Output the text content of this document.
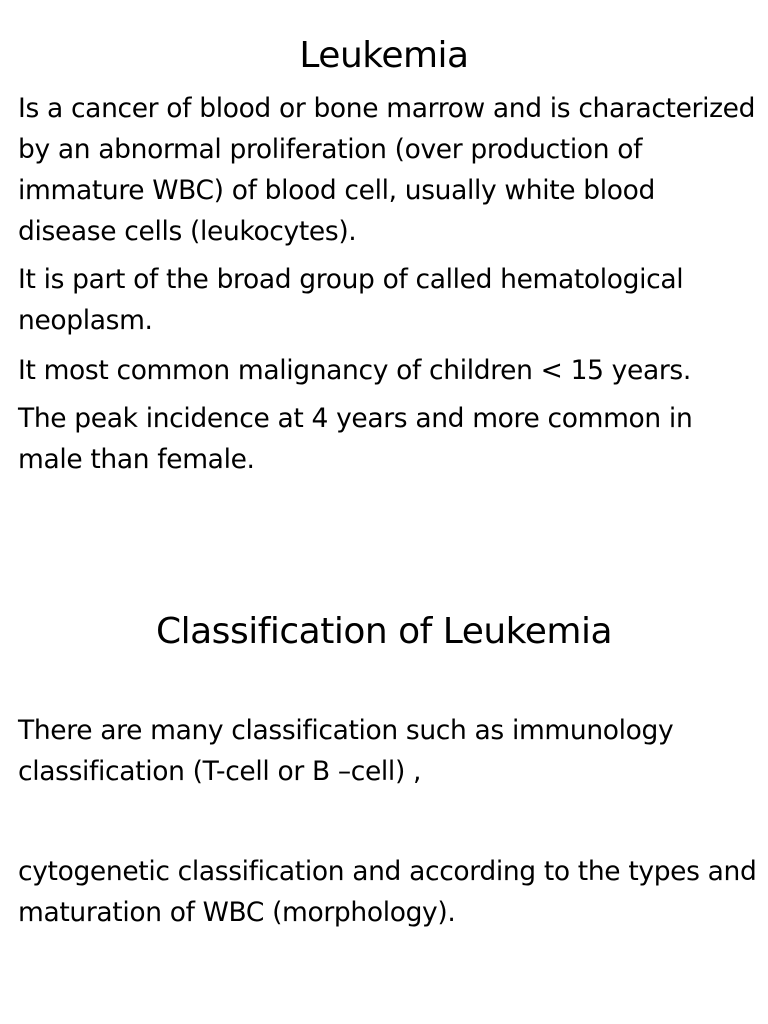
Leukemia

Is a cancer of blood or bone marrow and is characterized by an abnormal proliferation (over production of immature WBC) of blood cell, usually white blood disease cells (leukocytes).

It is part of the broad group of called hematological neoplasm.

It most common malignancy of children < 15 years.

The peak incidence at 4 years and more common in male than female.

Classification of Leukemia

There are many classification such as immunology classification (T-cell or B –cell) ,

cytogenetic classification and according to the types and maturation of WBC (morphology).
